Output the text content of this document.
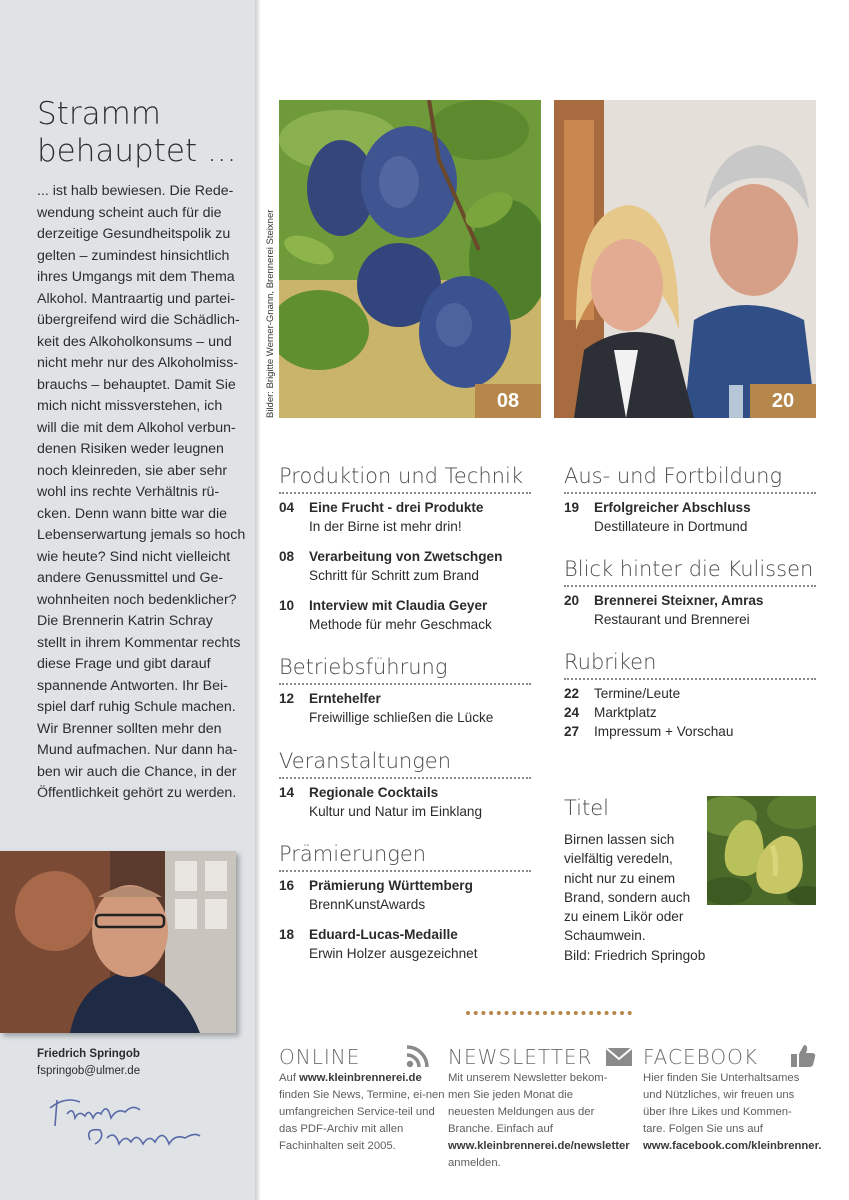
Stramm
behauptet ...
... ist halb bewiesen. Die Rede-
wendung scheint auch für die
derzeitige Gesundheitspolik zu
gelten – zumindest hinsichtlich
ihres Umgangs mit dem Thema
Alkohol. Mantraartig und partei-
übergreifend wird die Schädlich-
keit des Alkoholkonsums – und
nicht mehr nur des Alkoholmiss-
brauchs – behauptet. Damit Sie
mich nicht missverstehen, ich
will die mit dem Alkohol verbun-
denen Risiken weder leugnen
noch kleinreden, sie aber sehr
wohl ins rechte Verhältnis rü-
cken. Denn wann bitte war die
Lebenserwartung jemals so hoch
wie heute? Sind nicht vielleicht
andere Genussmittel und Ge-
wohnheiten noch bedenklicher?
Die Brennerin Katrin Schray
stellt in ihrem Kommentar rechts
diese Frage und gibt darauf
spannende Antworten. Ihr Bei-
spiel darf ruhig Schule machen.
Wir Brenner sollten mehr den
Mund aufmachen. Nur dann ha-
ben wir auch die Chance, in der
Öffentlichkeit gehört zu werden.
Friedrich Springob
fspringob@ulmer.de
Bilder: Brigitte Werner-Gnann, Brennerei Steixner	08	20
Produktion und Technik
04 Eine Frucht - drei Produkte
In der Birne ist mehr drin!
08 Verarbeitung von Zwetschgen
Schritt für Schritt zum Brand
10 Interview mit Claudia Geyer
Methode für mehr Geschmack
Betriebsführung
12 Erntehelfer
Freiwillige schließen die Lücke
Veranstaltungen
14 Regionale Cocktails
Kultur und Natur im Einklang
Prämierungen
16 Prämierung Württemberg
BrennKunstAwards
18 Eduard-Lucas-Medaille
Erwin Holzer ausgezeichnet
Aus- und Fortbildung
19 Erfolgreicher Abschluss
Destillateure in Dortmund
Blick hinter die Kulissen
20 Brennerei Steixner, Amras
Restaurant und Brennerei
Rubriken
22 Termine/Leute
24 Marktplatz
27 Impressum + Vorschau
Titel
Birnen lassen sich
vielfältig veredeln,
nicht nur zu einem
Brand, sondern auch
zu einem Likör oder
Schaumwein.
Bild: Friedrich Springob
ONLINE
Auf www.kleinbrennerei.de finden Sie News, Termine, ei-nen umfangreichen Service-teil und das PDF-Archiv mit allen Fachinhalten seit 2005.
NEWSLETTER
Mit unserem Newsletter bekom-men Sie jeden Monat die neuesten Meldungen aus der Branche. Einfach auf www.kleinbrennerei.de/newsletter anmelden.
FACEBOOK
Hier finden Sie Unterhaltsames und Nützliches, wir freuen uns über Ihre Likes und Kommen-tare. Folgen Sie uns auf www.facebook.com/kleinbrenner.
